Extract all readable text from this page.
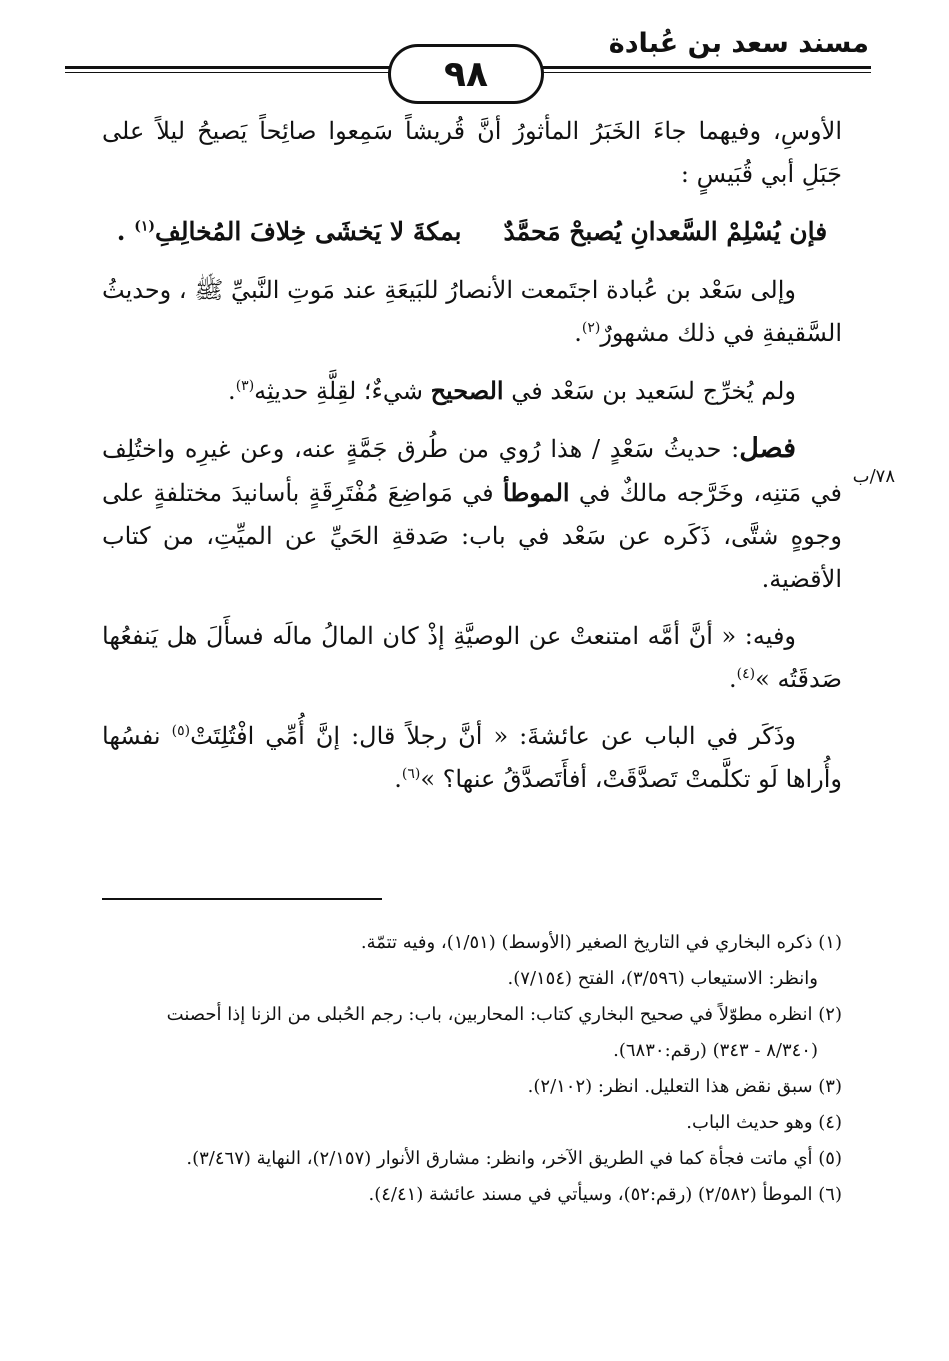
مسند سعد بن عُبادة
٩٨
٧٨/ب

الأوسِ، وفيهما جاءَ الخَبَرُ المأثورُ أنَّ قُريشاً سَمِعوا صائِحاً يَصيحُ ليلاً على جَبَلِ أبي قُبَيسٍ :

فإن يُسْلِمْ السَّعدانِ يُصبحْ مَحمَّدٌبمكةَ لا يَخشَى خِلافَ المُخالِفِ$^{(١)}$ .

وإلى سَعْد بن عُبادة اجتَمعت الأنصارُ للبَيعَةِ عند مَوتِ النَّبيِّ ﷺ ، وحديثُ السَّقيفةِ في ذلك مشهورٌ$^{(٢)}$.

ولم يُخرِّج لسَعيد بن سَعْد في الصحيح شيءٌ؛ لقِلَّةِ حديثِه$^{(٣)}$.

فصل: حديثُ سَعْدٍ / هذا رُوي من طُرق جَمَّةٍ عنه، وعن غيرِه واختُلِف في مَتنِه، وخَرَّجه مالكٌ في الموطأ في مَواضِعَ مُفْتَرِقَةٍ بأسانيدَ مختلفةٍ على وجوهٍ شتَّى، ذَكَره عن سَعْد في باب: صَدقةِ الحَيِّ عن الميِّتِ، من كتاب الأقضية.

وفيه: « أنَّ أمَّه امتنعتْ عن الوصيَّةِ إذْ كان المالُ مالَه فسأَلَ هل يَنفعُها صَدقَتُه »$^{(٤)}$.

وذَكَر في الباب عن عائشةَ: « أنَّ رجلاً قال: إنَّ أُمِّي افْتُلِتَتْ$^{(٥)}$ نفسُها وأُراها لَو تكلَّمتْ تَصدَّقَتْ، أفأَتَصدَّقُ عنها؟ »$^{(٦)}$.

(١) ذكره البخاري في التاريخ الصغير (الأوسط) (١/٥١)، وفيه تتمّة.

وانظر: الاستيعاب (٣/٥٩٦)، الفتح (٧/١٥٤).

(٢) انظره مطوّلاً في صحيح البخاري كتاب: المحاربين، باب: رجم الحُبلى من الزنا إذا أحصنت

(٨/٣٤٠ - ٣٤٣) (رقم:٦٨٣٠).

(٣) سبق نقض هذا التعليل. انظر: (٢/١٠٢).

(٤) وهو حديث الباب.

(٥) أي ماتت فجأة كما في الطريق الآخر، وانظر: مشارق الأنوار (٢/١٥٧)، النهاية (٣/٤٦٧).

(٦) الموطأ (٢/٥٨٢) (رقم:٥٢)، وسيأتي في مسند عائشة (٤/٤١).
